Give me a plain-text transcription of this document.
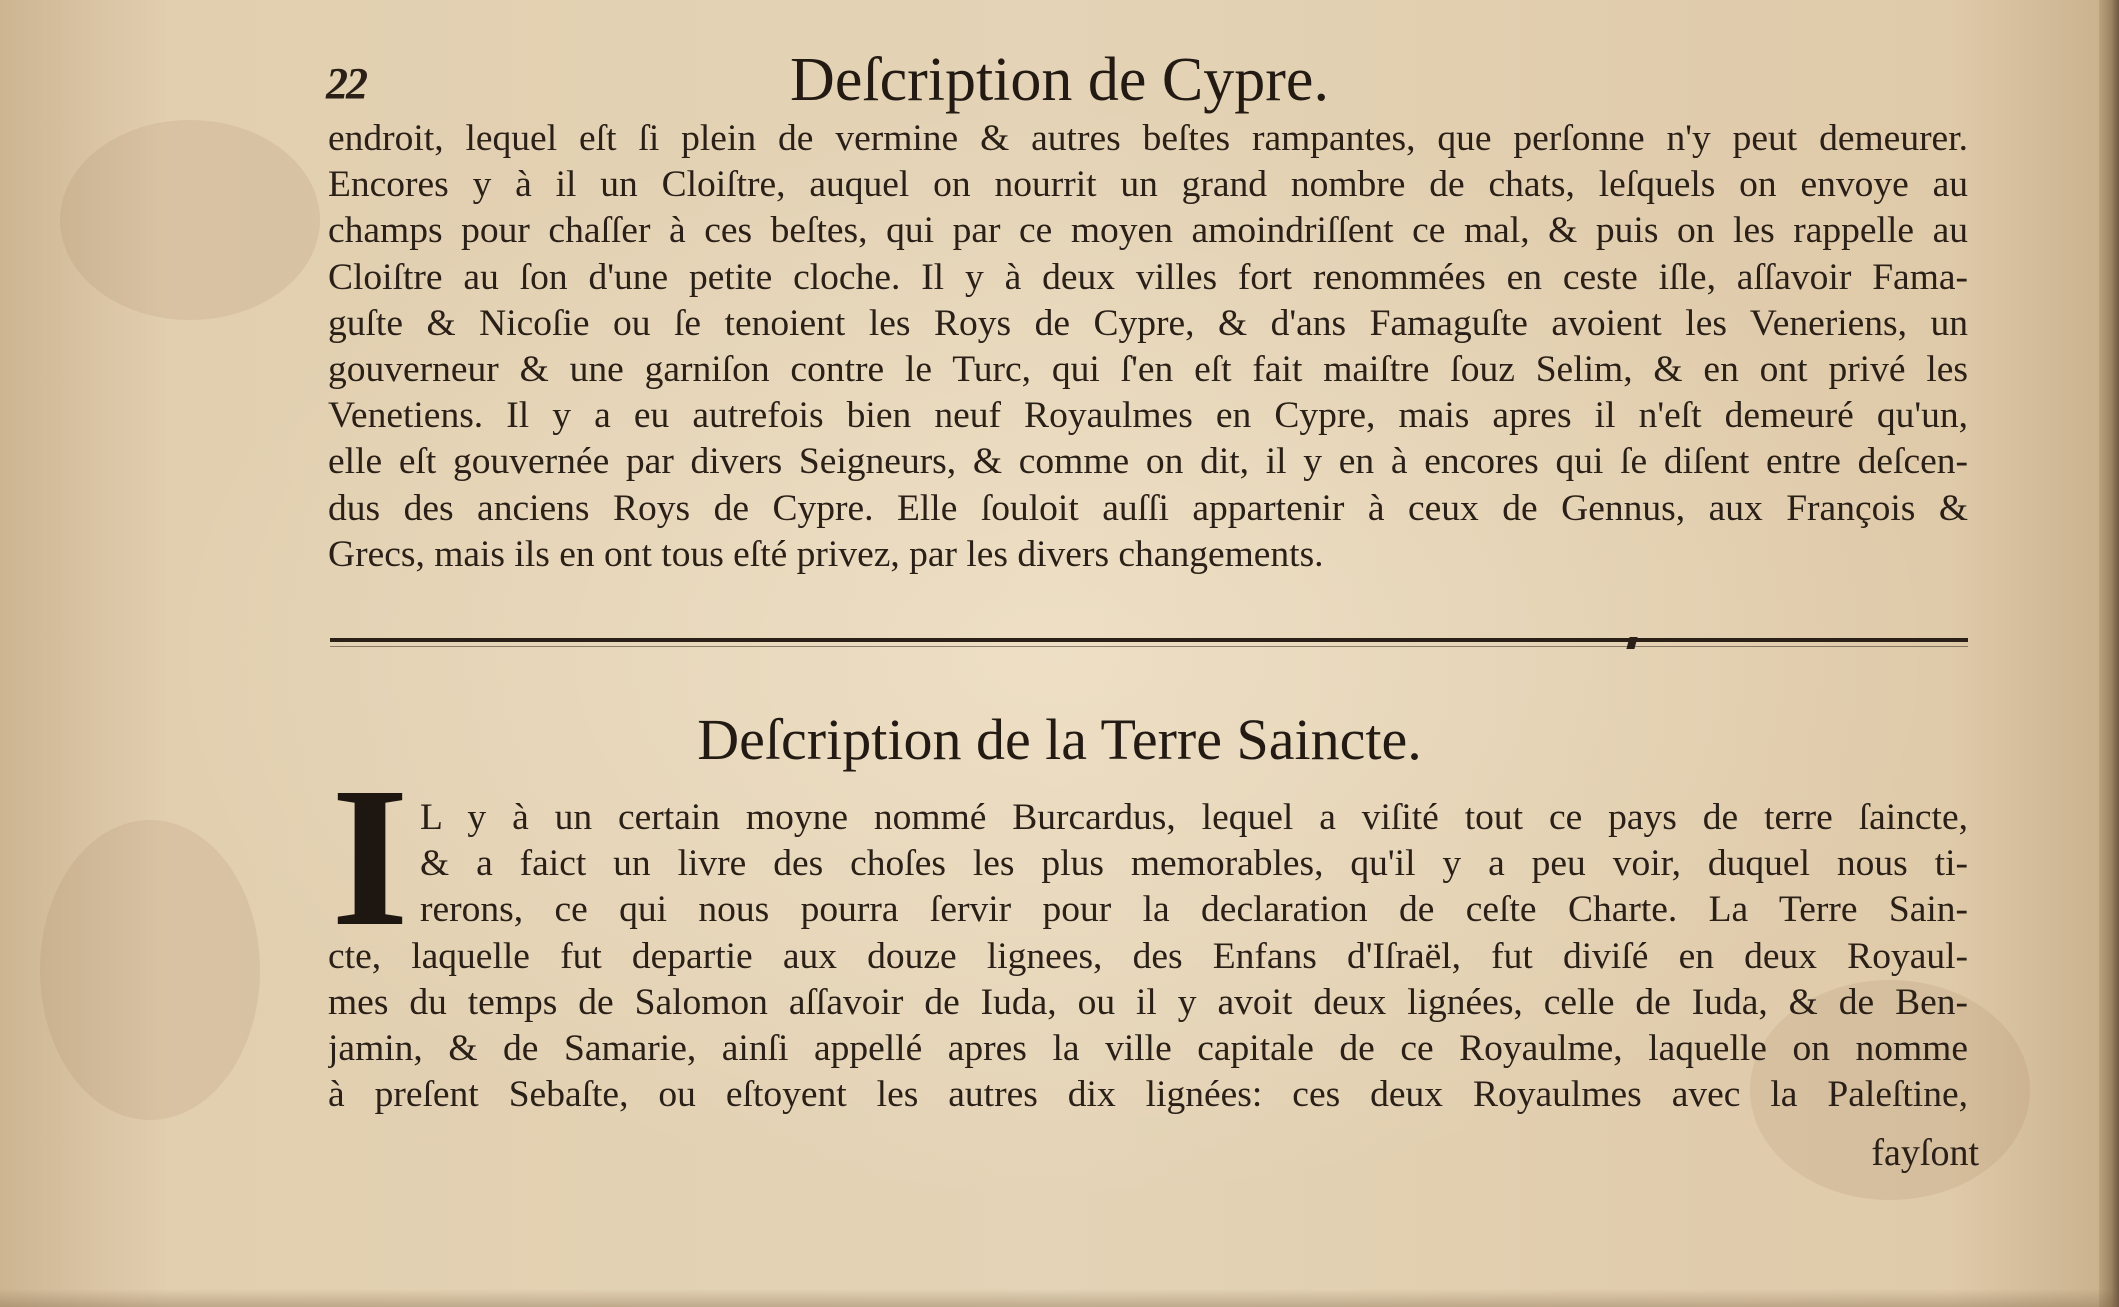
22	Deſcription de Cypre.
endroit, lequel eſt ſi plein de vermine & autres beſtes rampantes, que perſonne n'y peut demeurer.
Encores y à il un Cloiſtre, auquel on nourrit un grand nombre de chats, leſquels on envoye au
champs pour chaſſer à ces beſtes, qui par ce moyen amoindriſſent ce mal, & puis on les rappelle au
Cloiſtre au ſon d'une petite cloche. Il y à deux villes fort renommées en ceste iſle, aſſavoir Fama-
guſte & Nicoſie ou ſe tenoient les Roys de Cypre, & d'ans Famaguſte avoient les Veneriens, un
gouverneur & une garniſon contre le Turc, qui ſ'en eſt fait maiſtre ſouz Selim, & en ont privé les
Venetiens. Il y a eu autrefois bien neuf Royaulmes en Cypre, mais apres il n'eſt demeuré qu'un,
elle eſt gouvernée par divers Seigneurs, & comme on dit, il y en à encores qui ſe diſent entre deſcen-
dus des anciens Roys de Cypre. Elle ſouloit auſſi appartenir à ceux de Gennus, aux François &
Grecs, mais ils en ont tous eſté privez, par les divers changements.
Deſcription de la Terre Saincte.
I L y à un certain moyne nommé Burcardus, lequel a viſité tout ce pays de terre ſaincte,
& a faict un livre des choſes les plus memorables, qu'il y a peu voir, duquel nous ti-
rerons, ce qui nous pourra ſervir pour la declaration de ceſte Charte. La Terre Sain-
cte, laquelle fut departie aux douze lignees, des Enfans d'Iſraël, fut diviſé en deux Royaul-
mes du temps de Salomon aſſavoir de Iuda, ou il y avoit deux lignées, celle de Iuda, & de Ben-
jamin, & de Samarie, ainſi appellé apres la ville capitale de ce Royaulme, laquelle on nomme
à preſent Sebaſte, ou eſtoyent les autres dix lignées: ces deux Royaulmes avec la Paleſtine,
fayſont
